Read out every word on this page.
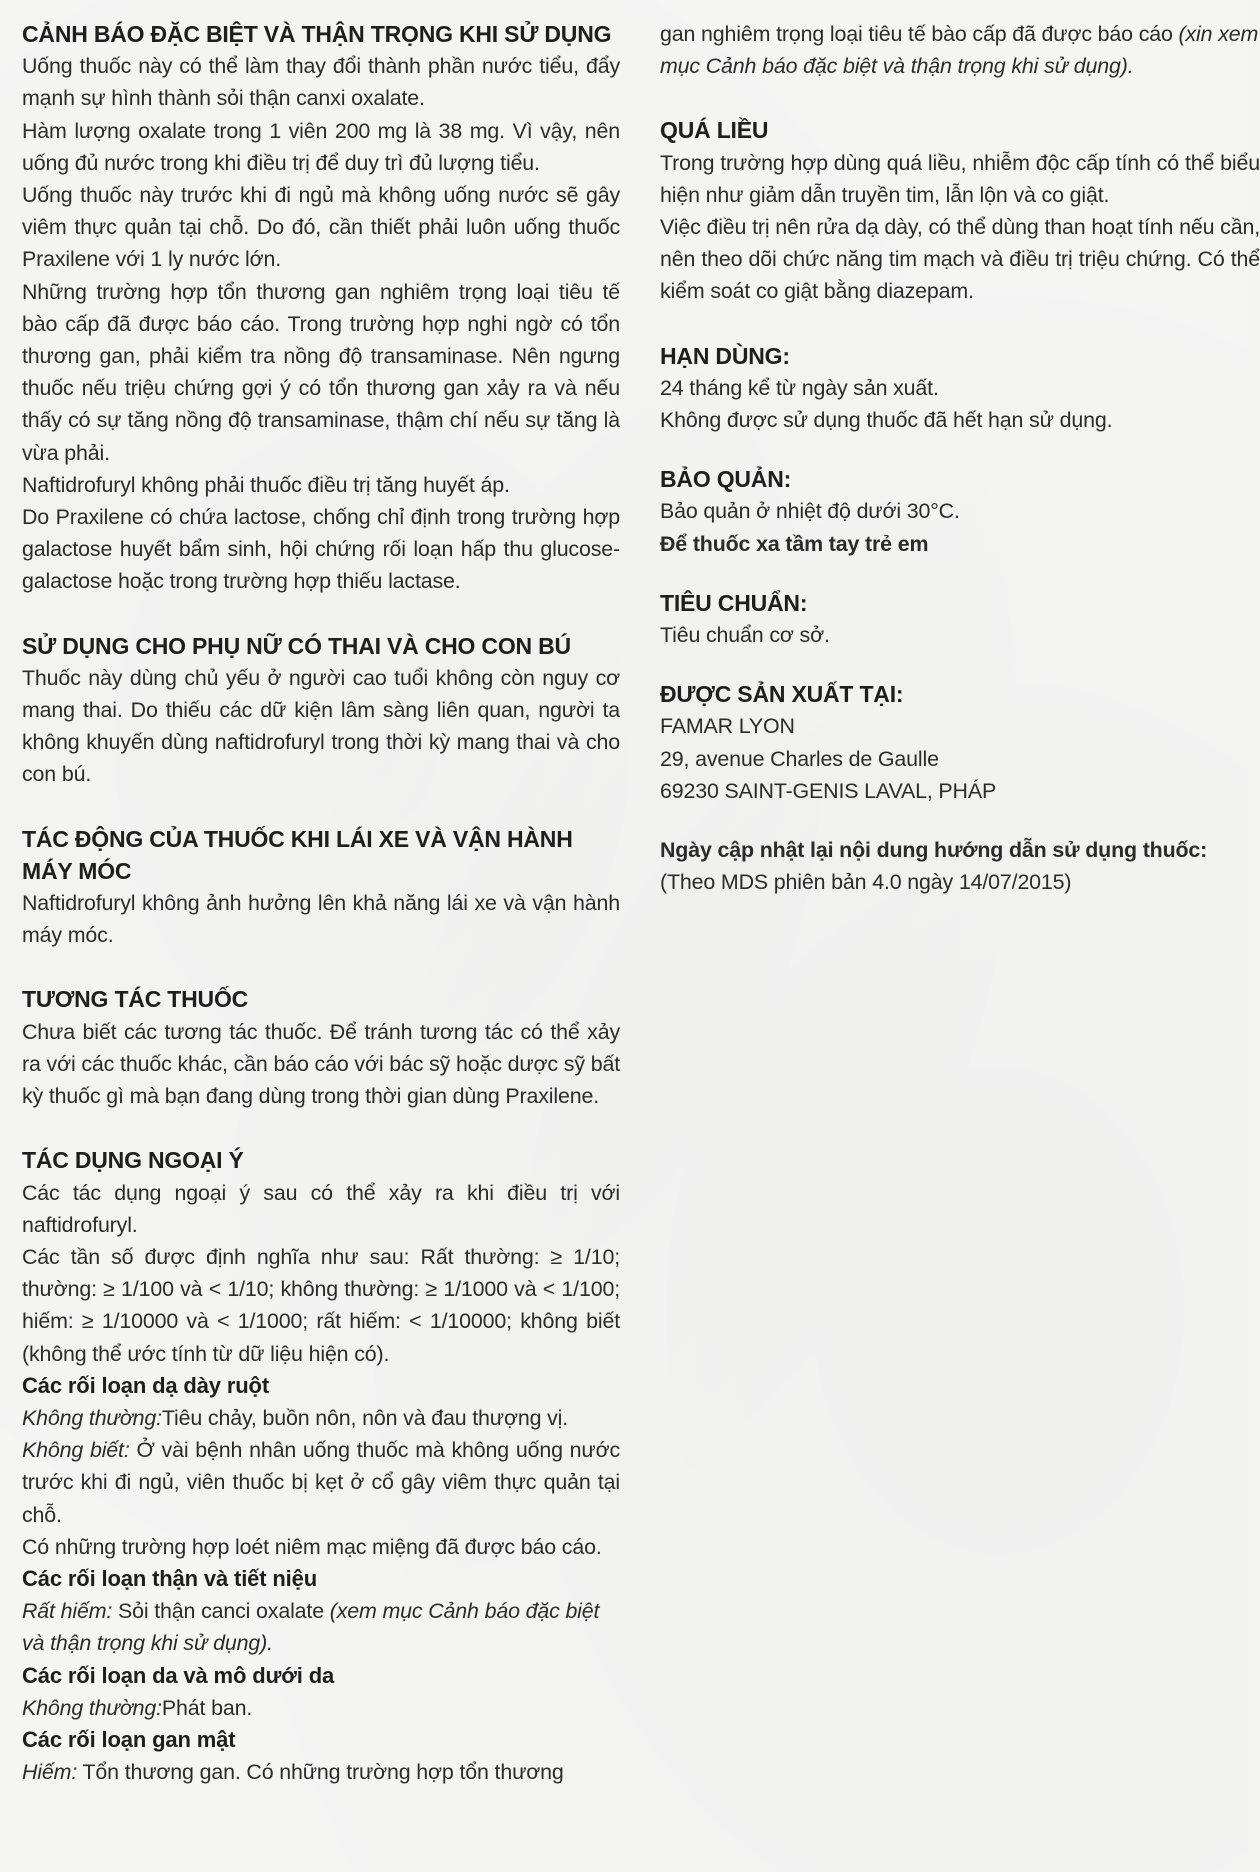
CẢNH BÁO ĐẶC BIỆT VÀ THẬN TRỌNG KHI SỬ DỤNG

Uống thuốc này có thể làm thay đổi thành phần nước tiểu, đẩy mạnh sự hình thành sỏi thận canxi oxalate.

Hàm lượng oxalate trong 1 viên 200 mg là 38 mg. Vì vậy, nên uống đủ nước trong khi điều trị để duy trì đủ lượng tiểu.

Uống thuốc này trước khi đi ngủ mà không uống nước sẽ gây viêm thực quản tại chỗ. Do đó, cần thiết phải luôn uống thuốc Praxilene với 1 ly nước lớn.

Những trường hợp tổn thương gan nghiêm trọng loại tiêu tế bào cấp đã được báo cáo. Trong trường hợp nghi ngờ có tổn thương gan, phải kiểm tra nồng độ transaminase. Nên ngưng thuốc nếu triệu chứng gợi ý có tổn thương gan xảy ra và nếu thấy có sự tăng nồng độ transaminase, thậm chí nếu sự tăng là vừa phải.

Naftidrofuryl không phải thuốc điều trị tăng huyết áp.

Do Praxilene có chứa lactose, chống chỉ định trong trường hợp galactose huyết bẩm sinh, hội chứng rối loạn hấp thu glucose-galactose hoặc trong trường hợp thiếu lactase.

SỬ DỤNG CHO PHỤ NỮ CÓ THAI VÀ CHO CON BÚ

Thuốc này dùng chủ yếu ở người cao tuổi không còn nguy cơ mang thai. Do thiếu các dữ kiện lâm sàng liên quan, người ta không khuyến dùng naftidrofuryl trong thời kỳ mang thai và cho con bú.

TÁC ĐỘNG CỦA THUỐC KHI LÁI XE VÀ VẬN HÀNH MÁY MÓC

Naftidrofuryl không ảnh hưởng lên khả năng lái xe và vận hành máy móc.

TƯƠNG TÁC THUỐC

Chưa biết các tương tác thuốc. Để tránh tương tác có thể xảy ra với các thuốc khác, cần báo cáo với bác sỹ hoặc dược sỹ bất kỳ thuốc gì mà bạn đang dùng trong thời gian dùng Praxilene.

TÁC DỤNG NGOẠI Ý

Các tác dụng ngoại ý sau có thể xảy ra khi điều trị với naftidrofuryl.

Các tần số được định nghĩa như sau: Rất thường: ≥ 1/10; thường: ≥ 1/100 và < 1/10; không thường: ≥ 1/1000 và < 1/100; hiếm: ≥ 1/10000 và < 1/1000; rất hiếm: < 1/10000; không biết (không thể ước tính từ dữ liệu hiện có).

Các rối loạn dạ dày ruột

Không thường:Tiêu chảy, buồn nôn, nôn và đau thượng vị.

Không biết: Ở vài bệnh nhân uống thuốc mà không uống nước trước khi đi ngủ, viên thuốc bị kẹt ở cổ gây viêm thực quản tại chỗ.

Có những trường hợp loét niêm mạc miệng đã được báo cáo.

Các rối loạn thận và tiết niệu

Rất hiếm: Sỏi thận canci oxalate (xem mục Cảnh báo đặc biệt và thận trọng khi sử dụng).

Các rối loạn da và mô dưới da

Không thường:Phát ban.

Các rối loạn gan mật

Hiếm: Tổn thương gan. Có những trường hợp tổn thương

gan nghiêm trọng loại tiêu tế bào cấp đã được báo cáo (xin xem mục Cảnh báo đặc biệt và thận trọng khi sử dụng).

QUÁ LIỀU

Trong trường hợp dùng quá liều, nhiễm độc cấp tính có thể biểu hiện như giảm dẫn truyền tim, lẫn lộn và co giật.

Việc điều trị nên rửa dạ dày, có thể dùng than hoạt tính nếu cần, nên theo dõi chức năng tim mạch và điều trị triệu chứng. Có thể kiểm soát co giật bằng diazepam.

HẠN DÙNG:

24 tháng kể từ ngày sản xuất.

Không được sử dụng thuốc đã hết hạn sử dụng.

BẢO QUẢN:

Bảo quản ở nhiệt độ dưới 30°C.

Để thuốc xa tầm tay trẻ em

TIÊU CHUẨN:

Tiêu chuẩn cơ sở.

ĐƯỢC SẢN XUẤT TẠI:

FAMAR LYON

29, avenue Charles de Gaulle

69230 SAINT-GENIS LAVAL, PHÁP

Ngày cập nhật lại nội dung hướng dẫn sử dụng thuốc:

(Theo MDS phiên bản 4.0 ngày 14/07/2015)
